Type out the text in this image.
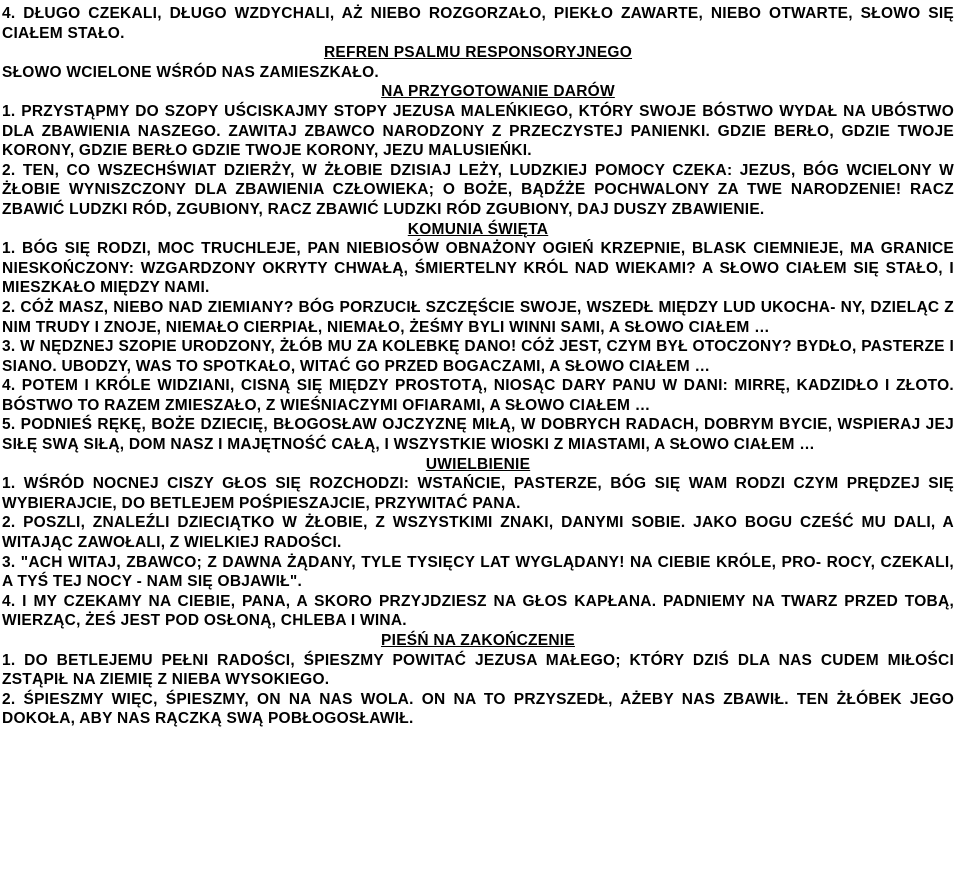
4. DŁUGO CZEKALI, DŁUGO WZDYCHALI, AŻ NIEBO ROZGORZAŁO, PIEKŁO ZAWARTE, NIEBO OTWARTE, SŁOWO SIĘ CIAŁEM STAŁO.

REFREN PSALMU RESPONSORYJNEGO

SŁOWO WCIELONE WŚRÓD NAS ZAMIESZKAŁO.

NA PRZYGOTOWANIE DARÓW

1. PRZYSTĄPMY DO SZOPY UŚCISKAJMY STOPY JEZUSA MALEŃKIEGO, KTÓRY SWOJE BÓSTWO WYDAŁ NA UBÓSTWO DLA ZBAWIENIA NASZEGO. ZAWITAJ ZBAWCO NARODZONY Z PRZECZYSTEJ PANIENKI. GDZIE BERŁO, GDZIE TWOJE KORONY, GDZIE BERŁO GDZIE TWOJE KORONY, JEZU MALUSIEŃKI.

2. TEN, CO WSZECHŚWIAT DZIERŻY, W ŻŁOBIE DZISIAJ LEŻY, LUDZKIEJ POMOCY CZEKA: JEZUS, BÓG WCIELONY W ŻŁOBIE WYNISZCZONY DLA ZBAWIENIA CZŁOWIEKA; O BOŻE, BĄDŹŻE POCHWALONY ZA TWE NARODZENIE! RACZ ZBAWIĆ LUDZKI RÓD, ZGUBIONY, RACZ ZBAWIĆ LUDZKI RÓD ZGUBIONY, DAJ DUSZY ZBAWIENIE.

KOMUNIA ŚWIĘTA

1. BÓG SIĘ RODZI, MOC TRUCHLEJE, PAN NIEBIOSÓW OBNAŻONY OGIEŃ KRZEPNIE, BLASK CIEMNIEJE, MA GRANICE NIESKOŃCZONY: WZGARDZONY OKRYTY CHWAŁĄ, ŚMIERTELNY KRÓL NAD WIEKAMI? A SŁOWO CIAŁEM SIĘ STAŁO, I MIESZKAŁO MIĘDZY NAMI.

2. CÓŻ MASZ, NIEBO NAD ZIEMIANY? BÓG PORZUCIŁ SZCZĘŚCIE SWOJE, WSZEDŁ MIĘDZY LUD UKOCHA- NY, DZIELĄC Z NIM TRUDY I ZNOJE, NIEMAŁO CIERPIAŁ, NIEMAŁO, ŻEŚMY BYLI WINNI SAMI, A SŁOWO CIAŁEM …

3. W NĘDZNEJ SZOPIE URODZONY, ŻŁÓB MU ZA KOLEBKĘ DANO! CÓŻ JEST, CZYM BYŁ OTOCZONY? BYDŁO, PASTERZE I SIANO. UBODZY, WAS TO SPOTKAŁO, WITAĆ GO PRZED BOGACZAMI, A SŁOWO CIAŁEM …

4. POTEM I KRÓLE WIDZIANI, CISNĄ SIĘ MIĘDZY PROSTOTĄ, NIOSĄC DARY PANU W DANI: MIRRĘ, KADZIDŁO I ZŁOTO. BÓSTWO TO RAZEM ZMIESZAŁO, Z WIEŚNIACZYMI OFIARAMI, A SŁOWO CIAŁEM …

5. PODNIEŚ RĘKĘ, BOŻE DZIECIĘ, BŁOGOSŁAW OJCZYZNĘ MIŁĄ, W DOBRYCH RADACH, DOBRYM BYCIE, WSPIERAJ JEJ SIŁĘ SWĄ SIŁĄ, DOM NASZ I MAJĘTNOŚĆ CAŁĄ, I WSZYSTKIE WIOSKI Z MIASTAMI, A SŁOWO CIAŁEM …

UWIELBIENIE

1. WŚRÓD NOCNEJ CISZY GŁOS SIĘ ROZCHODZI: WSTAŃCIE, PASTERZE, BÓG SIĘ WAM RODZI CZYM PRĘDZEJ SIĘ WYBIERAJCIE, DO BETLEJEM POŚPIESZAJCIE, PRZYWITAĆ PANA.

2. POSZLI, ZNALEŹLI DZIECIĄTKO W ŻŁOBIE, Z WSZYSTKIMI ZNAKI, DANYMI SOBIE. JAKO BOGU CZEŚĆ MU DALI, A WITAJĄC ZAWOŁALI, Z WIELKIEJ RADOŚCI.

3. "ACH WITAJ, ZBAWCO; Z DAWNA ŻĄDANY, TYLE TYSIĘCY LAT WYGLĄDANY! NA CIEBIE KRÓLE, PRO- ROCY, CZEKALI, A TYŚ TEJ NOCY - NAM SIĘ OBJAWIŁ".

4. I MY CZEKAMY NA CIEBIE, PANA, A SKORO PRZYJDZIESZ NA GŁOS KAPŁANA. PADNIEMY NA TWARZ PRZED TOBĄ, WIERZĄC, ŻEŚ JEST POD OSŁONĄ, CHLEBA I WINA.

PIEŚŃ NA ZAKOŃCZENIE

1. DO BETLEJEMU PEŁNI RADOŚCI, ŚPIESZMY POWITAĆ JEZUSA MAŁEGO; KTÓRY DZIŚ DLA NAS CUDEM MIŁOŚCI ZSTĄPIŁ NA ZIEMIĘ Z NIEBA WYSOKIEGO.

2. ŚPIESZMY WIĘC, ŚPIESZMY, ON NA NAS WOLA. ON NA TO PRZYSZEDŁ, AŻEBY NAS ZBAWIŁ. TEN ŻŁÓBEK JEGO DOKOŁA, ABY NAS RĄCZKĄ SWĄ POBŁOGOSŁAWIŁ.
